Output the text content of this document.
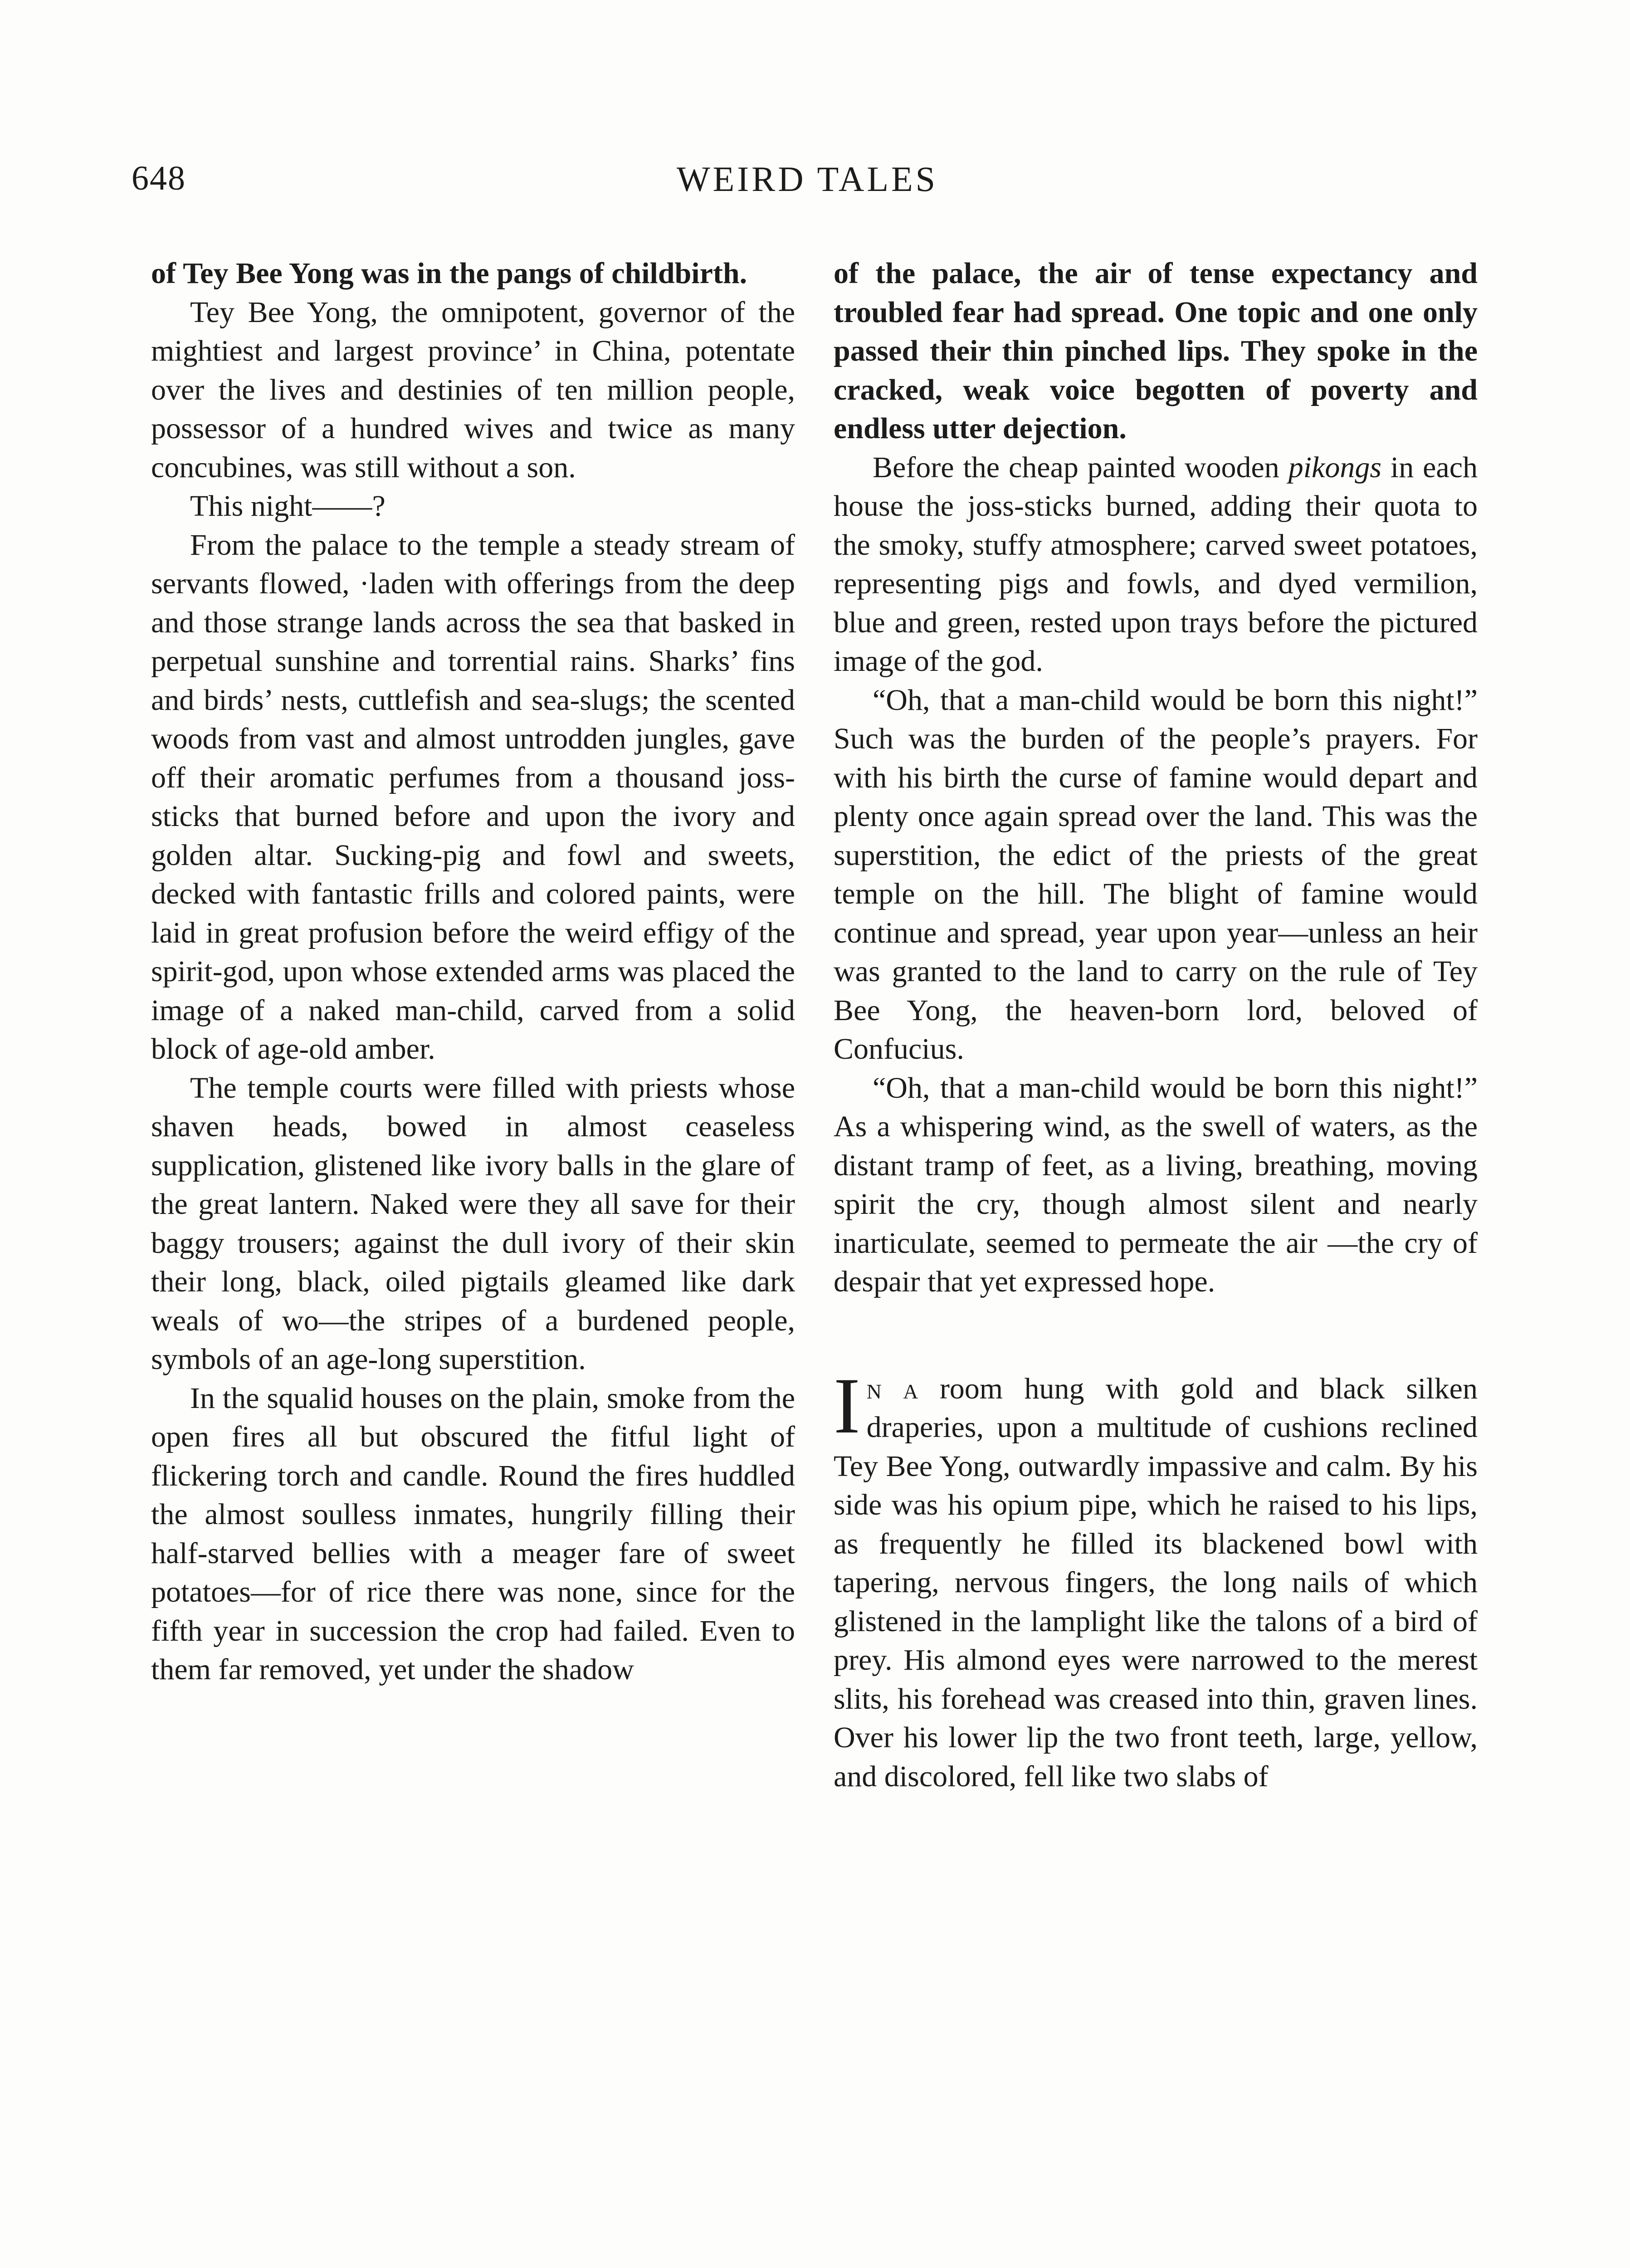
648	WEIRD TALES

of Tey Bee Yong was in the pangs of childbirth.

Tey Bee Yong, the omnipotent, governor of the mightiest and largest province’ in China, potentate over the lives and destinies of ten million people, possessor of a hundred wives and twice as many concubines, was still without a son.

This night——?

From the palace to the temple a steady stream of servants flowed, ·laden with offerings from the deep and those strange lands across the sea that basked in perpetual sunshine and torrential rains. Sharks’ fins and birds’ nests, cuttlefish and sea-slugs; the scented woods from vast and almost untrodden jungles, gave off their aromatic perfumes from a thousand joss-sticks that burned before and upon the ivory and golden altar. Sucking-pig and fowl and sweets, decked with fantastic frills and colored paints, were laid in great profusion before the weird effigy of the spirit-god, upon whose extended arms was placed the image of a naked man-child, carved from a solid block of age-old amber.

The temple courts were filled with priests whose shaven heads, bowed in almost ceaseless supplication, glistened like ivory balls in the glare of the great lantern. Naked were they all save for their baggy trousers; against the dull ivory of their skin their long, black, oiled pigtails gleamed like dark weals of wo—the stripes of a burdened people, symbols of an age-long superstition.

In the squalid houses on the plain, smoke from the open fires all but obscured the fitful light of flickering torch and candle. Round the fires huddled the almost soulless inmates, hungrily filling their half-starved bellies with a meager fare of sweet potatoes—for of rice there was none, since for the fifth year in succession the crop had failed. Even to them far removed, yet under the shadow

of the palace, the air of tense expectancy and troubled fear had spread. One topic and one only passed their thin pinched lips. They spoke in the cracked, weak voice begotten of poverty and endless utter dejection.

Before the cheap painted wooden pikongs in each house the joss-sticks burned, adding their quota to the smoky, stuffy atmosphere; carved sweet potatoes, representing pigs and fowls, and dyed vermilion, blue and green, rested upon trays before the pictured image of the god.

“Oh, that a man-child would be born this night!” Such was the burden of the people’s prayers. For with his birth the curse of famine would depart and plenty once again spread over the land. This was the superstition, the edict of the priests of the great temple on the hill. The blight of famine would continue and spread, year upon year—unless an heir was granted to the land to carry on the rule of Tey Bee Yong, the heaven-born lord, beloved of Confucius.

“Oh, that a man-child would be born this night!” As a whispering wind, as the swell of waters, as the distant tramp of feet, as a living, breathing, moving spirit the cry, though almost silent and nearly inarticulate, seemed to permeate the air —the cry of despair that yet expressed hope.

In a room hung with gold and black silken draperies, upon a multitude of cushions reclined Tey Bee Yong, outwardly impassive and calm. By his side was his opium pipe, which he raised to his lips, as frequently he filled its blackened bowl with tapering, nervous fingers, the long nails of which glistened in the lamplight like the talons of a bird of prey. His almond eyes were narrowed to the merest slits, his forehead was creased into thin, graven lines. Over his lower lip the two front teeth, large, yellow, and discolored, fell like two slabs of
